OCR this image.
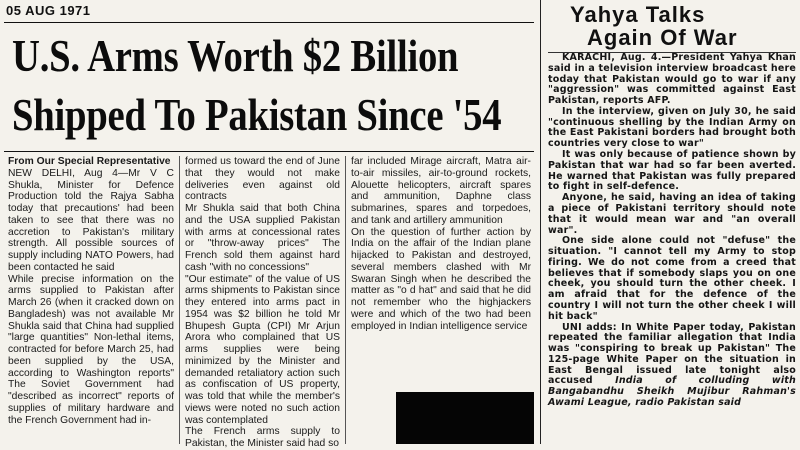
05 AUG 1971
U.S. Arms Worth $2 Billion
Shipped To Pakistan Since '54

From Our Special Representative

NEW DELHI, Aug 4—Mr V C Shukla, Minister for Defence Production told the Rajya Sabha today that precautions' had been taken to see that there was no accretion to Pakistan's military strength. All possible sources of supply including NATO Powers, had been contacted he said

While precise information on the arms supplied to Pakistan after March 26 (when it cracked down on Bangladesh) was not available Mr Shukla said that China had supplied "large quantities" Non-lethal items, contracted for before March 25, had been supplied by the USA, according to Washington reports" The Soviet Government had "described as incorrect" reports of supplies of military hardware and the French Government had in-

formed us toward the end of June that they would not make deliveries even against old contracts

Mr Shukla said that both China and the USA supplied Pakistan with arms at concessional rates or "throw-away prices" The French sold them against hard cash "with no concessions"

"Our estimate" of the value of US arms shipments to Pakistan since they entered into arms pact in 1954 was $2 billion he told Mr Bhupesh Gupta (CPI) Mr Arjun Arora who complained that US arms supplies were being minimized by the Minister and demanded retaliatory action such as confiscation of US property, was told that while the member's views were noted no such action was contemplated

The French arms supply to Pakistan, the Minister said had so

far included Mirage aircraft, Matra air-to-air missiles, air-to-ground rockets, Alouette helicopters, aircraft spares and ammunition, Daphne class submarines, spares and torpedoes, and tank and artillery ammunition

On the question of further action by India on the affair of the Indian plane hijacked to Pakistan and destroyed, several members clashed with Mr Swaran Singh when he described the matter as "o d hat" and said that he did not remember who the highjackers were and which of the two had been employed in Indian intelligence service

Yahya Talks
Again Of War

KARACHI, Aug. 4.—President Yahya Khan said in a television interview broadcast here today that Pakistan would go to war if any "aggression" was committed against East Pakistan, reports AFP.

In the interview, given on July 30, he said "continuous shelling by the Indian Army on the East Pakistani borders had brought both countries very close to war"

It was only because of patience shown by Pakistan that war had so far been averted. He warned that Pakistan was fully prepared to fight in self-defence.

Anyone, he said, having an idea of taking a piece of Pakistani territory should note that it would mean war and "an overall war".

One side alone could not "defuse" the situation. "I cannot tell my Army to stop firing. We do not come from a creed that believes that if somebody slaps you on one cheek, you should turn the other cheek. I am afraid that for the defence of the country I will not turn the other cheek I will hit back"

UNI adds: In White Paper today, Pakistan repeated the familiar allegation that India was "conspiring to break up Pakistan" The 125-page White Paper on the situation in East Bengal issued late tonight also accused India of colluding with Bangabandhu Sheikh Mujibur Rahman's Awami League, radio Pakistan said
